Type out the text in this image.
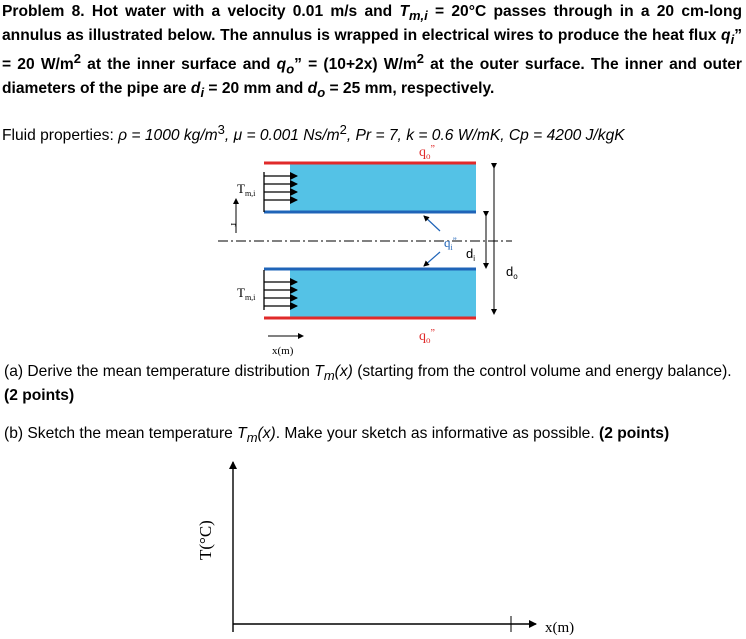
Problem 8. Hot water with a velocity 0.01 m/s and $T_{m,i} = 20^\circ C$ passes through in a 20 cm-long annulus as illustrated below. The annulus is wrapped in electrical wires to produce the heat flux $q_i$” = 20 $W/m^2$ at the inner surface and $q_o$” = (10+2x) $W/m^2$ at the outer surface. The inner and outer diameters of the pipe are $d_i = 20$ mm and $d_o = 25$ mm, respectively.

Fluid properties: ρ = 1000 $kg/m^3$, μ = 0.001 $Ns/m^2$, Pr = 7, k = 0.6 W/mK, Cp = 4200 J/kgK

$q_o^”$
$T_{m,i}$
$T_{m,i}$
$q_i^”$
$d_i$
$d_o$
$q_o^”$
r
x(m)
T(°C)
x(m)

(a) Derive the mean temperature distribution $T_m(x)$ (starting from the control volume and energy balance). (2 points)

(b) Sketch the mean temperature $T_m(x)$. Make your sketch as informative as possible. (2 points)
